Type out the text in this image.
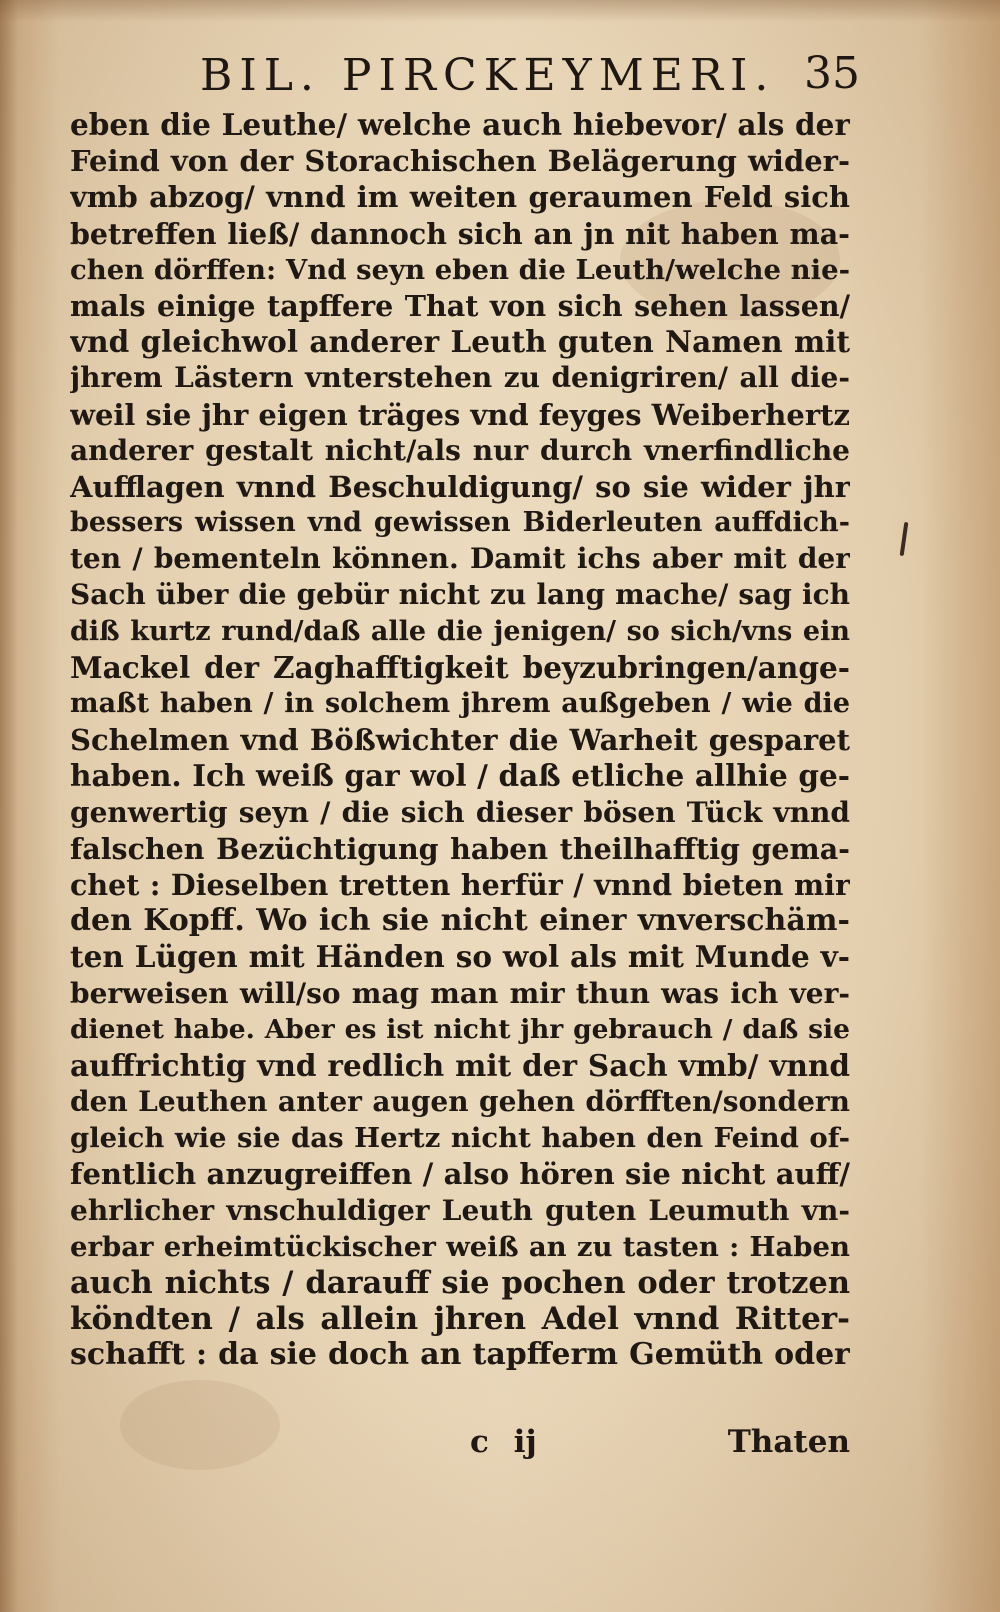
BIL. PIRCKEYMERI. 35
eben die Leuthe/ welche auch hiebevor/ als der
Feind von der Storachischen Belägerung wider-
vmb abzog/ vnnd im weiten geraumen Feld sich
betreffen ließ/ dannoch sich an jn nit haben ma-
chen dörffen: Vnd seyn eben die Leuth/welche nie-
mals einige tapffere That von sich sehen lassen/
vnd gleichwol anderer Leuth guten Namen mit
jhrem Lästern vnterstehen zu denigriren/ all die-
weil sie jhr eigen träges vnd feyges Weiberhertz
anderer gestalt nicht/als nur durch vnerfindliche
Aufflagen vnnd Beschuldigung/ so sie wider jhr
bessers wissen vnd gewissen Biderleuten auffdich-
ten / bementeln können. Damit ichs aber mit der
Sach über die gebür nicht zu lang mache/ sag ich
diß kurtz rund/daß alle die jenigen/ so sich/vns ein
Mackel der Zaghafftigkeit beyzubringen/ange-
maßt haben / in solchem jhrem außgeben / wie die
Schelmen vnd Bößwichter die Warheit gesparet
haben. Ich weiß gar wol / daß etliche allhie ge-
genwertig seyn / die sich dieser bösen Tück vnnd
falschen Bezüchtigung haben theilhafftig gema-
chet : Dieselben tretten herfür / vnnd bieten mir
den Kopff. Wo ich sie nicht einer vnverschäm-
ten Lügen mit Händen so wol als mit Munde v-
berweisen will/so mag man mir thun was ich ver-
dienet habe. Aber es ist nicht jhr gebrauch / daß sie
auffrichtig vnd redlich mit der Sach vmb/ vnnd
den Leuthen anter augen gehen dörfften/sondern
gleich wie sie das Hertz nicht haben den Feind of-
fentlich anzugreiffen / also hören sie nicht auff/
ehrlicher vnschuldiger Leuth guten Leumuth vn-
erbar erheimtückischer weiß an zu tasten : Haben
auch nichts / darauff sie pochen oder trotzen
köndten / als allein jhren Adel vnnd Ritter-
schafft : da sie doch an tapfferm Gemüth oder
c ij	Thaten
